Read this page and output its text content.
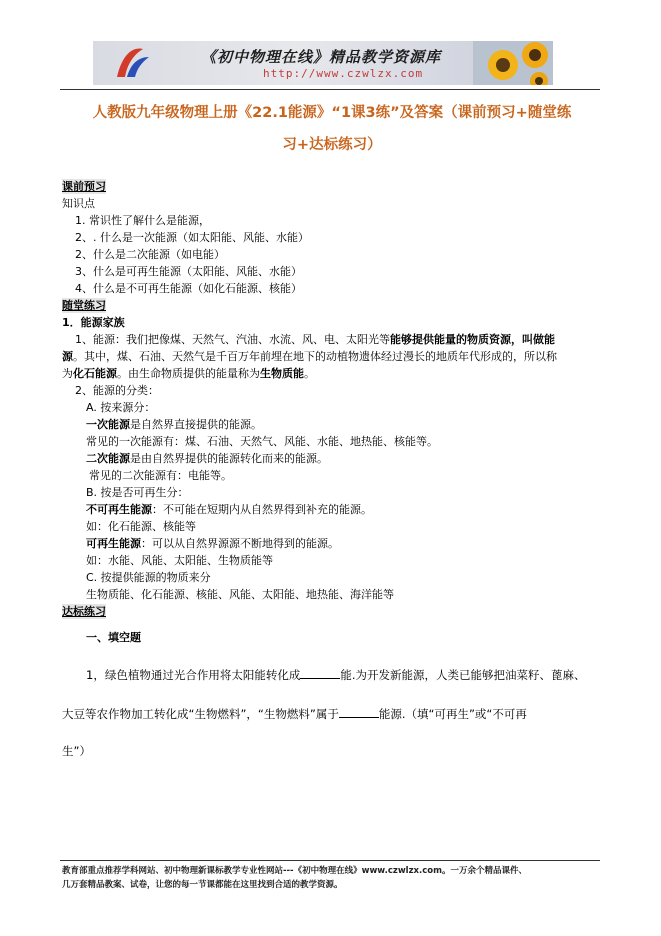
《初中物理在线》精品教学资源库
http://www.czwlzx.com
人教版九年级物理上册《22.1能源》“1课3练”及答案（课前预习+随堂练
习+达标练习）
课前预习
知识点
1. 常识性了解什么是能源，
2、. 什么是一次能源（如太阳能、风能、水能）
2、什么是二次能源（如电能）
3、什么是可再生能源（太阳能、风能、水能）
4、什么是不可再生能源（如化石能源、核能）
随堂练习
1．能源家族
1、能源：我们把像煤、天然气、汽油、水流、风、电、太阳光等能够提供能量的物质资源，叫做能
源。其中，煤、石油、天然气是千百万年前埋在地下的动植物遗体经过漫长的地质年代形成的，所以称
为化石能源。由生命物质提供的能量称为生物质能。
2、能源的分类：
A. 按来源分：
一次能源是自然界直接提供的能源。
常见的一次能源有：煤、石油、天然气、风能、水能、地热能、核能等。
二次能源是由自然界提供的能源转化而来的能源。
常见的二次能源有：电能等。
B. 按是否可再生分：
不可再生能源：不可能在短期内从自然界得到补充的能源。
如：化石能源、核能等
可再生能源：可以从自然界源源不断地得到的能源。
如：水能、风能、太阳能、生物质能等
C. 按提供能源的物质来分
生物质能、化石能源、核能、风能、太阳能、地热能、海洋能等
达标练习
一、填空题
1，绿色植物通过光合作用将太阳能转化成	能.为开发新能源，人类已能够把油菜籽、蓖麻、
大豆等农作物加工转化成“生物燃料”，“生物燃料”属于	能源.（填“可再生”或“不可再
生”）
教育部重点推荐学科网站、初中物理新课标教学专业性网站---《初中物理在线》www.czwlzx.com。一万余个精品课件、
几万套精品教案、试卷，让您的每一节课都能在这里找到合适的教学资源。
